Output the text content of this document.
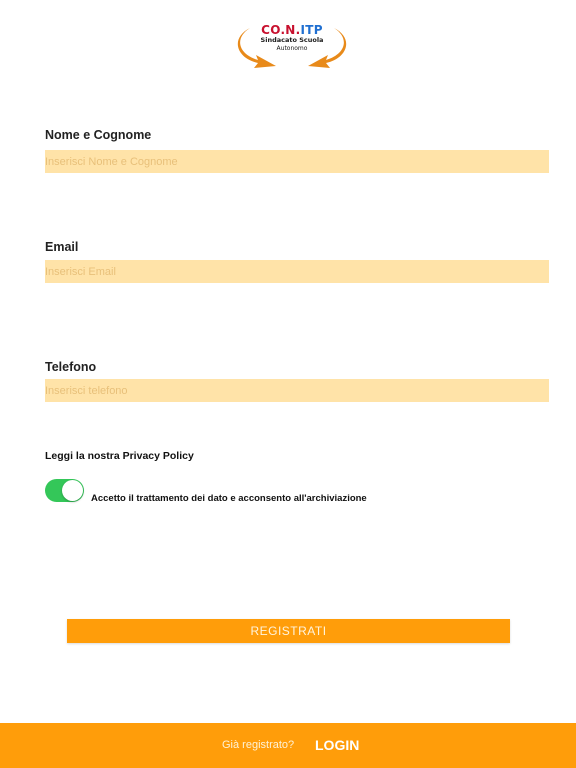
CO.N.ITP
Sindacato Scuola
Autonomo
Nome e Cognome
Inserisci Nome e Cognome
Email
Inserisci Email
Telefono
Inserisci telefono
Leggi la nostra Privacy Policy
Accetto il trattamento dei dato e acconsento all'archiviazione
REGISTRATI
Già registrato? LOGIN
